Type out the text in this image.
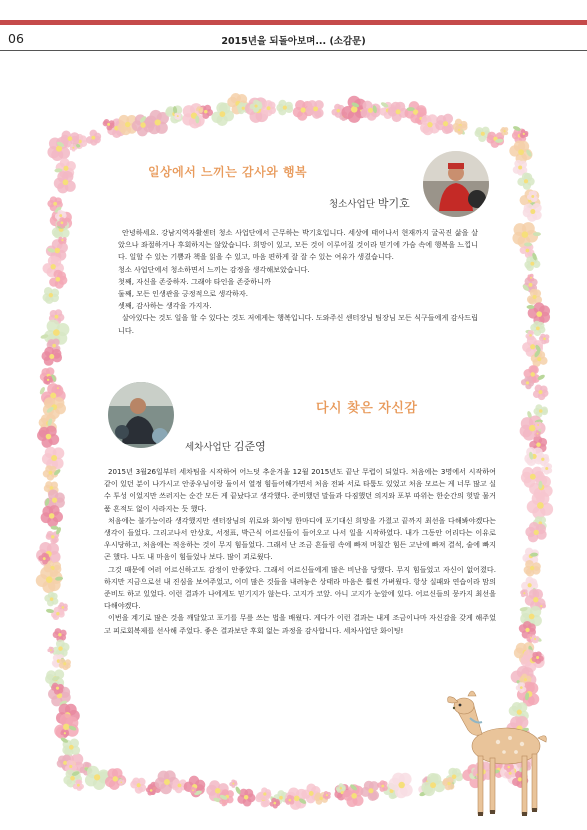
06	2015년을 되돌아보며... (소감문)
일상에서 느끼는 감사와 행복
청소사업단 박기호

안녕하세요. 강남지역자활센터 청소 사업단에서 근무하는 박기호입니다. 세상에 태어나서 현재까지 굴곡진 삶을 살았으나 좌절하거나 후회하지는 않았습니다. 희망이 있고, 모든 것이 이루어질 것이라 믿기에 가슴 속에 행복을 느낍니다. 일할 수 있는 기쁨과 책을 읽을 수 있고, 마음 편하게 잘 잘 수 있는 여유가 생겼습니다.

청소 사업단에서 청소하면서 느끼는 감정을 생각해보았습니다.

첫째, 자신을 존중하자. 그래야 타인을 존중하니까

둘째, 모든 인생관을 긍정적으로 생각하자.

셋째, 감사하는 생각을 가지자.

살아있다는 것도 일을 할 수 있다는 것도 저에게는 행복입니다. 도와주신 센터장님 팀장님 모든 식구들에게 감사드립니다.

다시 찾은 자신감
세차사업단 김준영

2015년 3월26일부터 세차팀을 시작하여 어느덧 추운겨울 12월 2015년도 끝난 무렵이 되었다. 처음에는 3명에서 시작하여 같이 있던 분이 나가시고 안종우님이랑 둘이서 열정 힘들어해가면서 처음 전파 서로 타툼도 있었고 처음 모르는 게 너무 많고 실수 투성 이었지만 쓰러지는 순간 모든 게 끝났다고 생각했다. 준비했던 말들과 다짐했던 의지와 포부 따위는 한순간의 헛말 물거품 흔적도 없이 사라지는 듯 했다.

처음에는 불가능이라 생각했지만 센터장님의 위로와 화이팅 한마디에 포기대신 희망을 가졌고 끝까지 최선을 다해봐야겠다는 생각이 들었다. 그리고나서 안상호, 서정표, 박근식 어르신들이 들어오고 나서 일을 시작하였다. 내가 그동안 어리다는 이유로 우시당하고, 처음에는 적응하는 것이 무지 힘들었다. 그래서 난 조금 흔들림 속에 빠져 며칠간 힘든 고난에 빠져 결석, 술에 빠지곤 했다. 나도 내 마음이 힘들었나 보다. 많이 괴로웠다.

그것 때문에 여러 어르신하고도 감정이 안좋았다. 그래서 어르신들에게 많은 비난을 당했다. 무지 힘들었고 자신이 없어졌다. 하지만 지금으로선 내 진심을 보여주었고, 이미 많은 것들을 내려놓은 상태라 마음은 훨씬 가벼웠다. 항상 실패와 연습이라 맘의 준비도 하고 있었다. 이런 결과가 나에게도 믿기지가 않는다. 고지가 코앞. 아니 고지가 눈앞에 있다. 어르신들의 뭉카지 최선을 다해야겠다.

이번을 계기로 많은 것을 깨달았고 포기를 무릎 쓰는 법을 배웠다. 게다가 이런 결과는 내게 조금이나마 자신감을 갖게 해주었고 피로회복제를 선사해 주었다. 좋은 결과보단 후회 없는 과정을 감사합니다. 세차사업단 화이팅!
